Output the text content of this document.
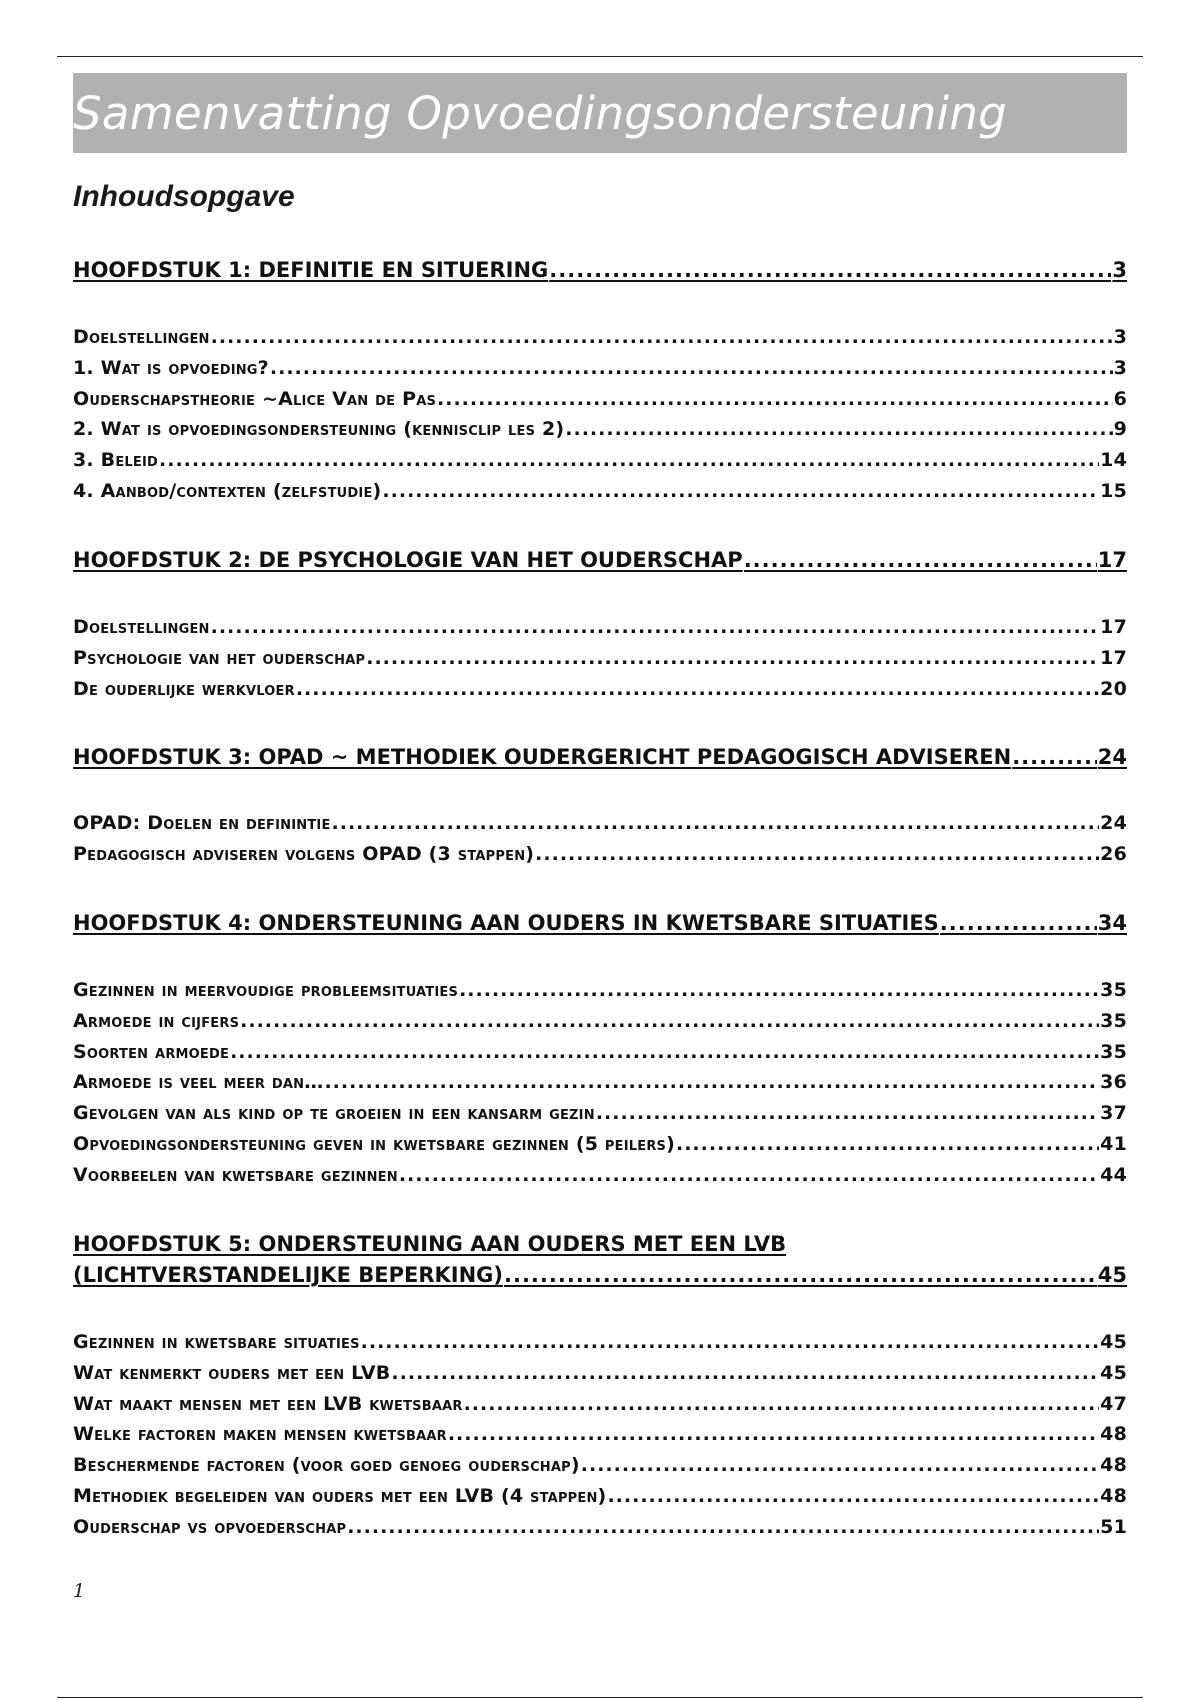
Samenvatting Opvoedingsondersteuning
Inhoudsopgave
HOOFDSTUK 1: DEFINITIE EN SITUERING .....	3
Doelstellingen .....	3
1. Wat is opvoeding? .....	3
Ouderschapstheorie ~Alice Van de Pas .....	6
2. Wat is opvoedingsondersteuning (kennisclip les 2) .....	9
3. Beleid .....	14
4. Aanbod/contexten (zelfstudie) .....	15
HOOFDSTUK 2: DE PSYCHOLOGIE VAN HET OUDERSCHAP .....	17
Doelstellingen .....	17
Psychologie van het ouderschap .....	17
De ouderlijke werkvloer .....	20
HOOFDSTUK 3: OPAD ~ METHODIEK OUDERGERICHT PEDAGOGISCH ADVISEREN .....	24
OPAD: Doelen en definintie .....	24
Pedagogisch adviseren volgens OPAD (3 stappen) .....	26
HOOFDSTUK 4: ONDERSTEUNING AAN OUDERS IN KWETSBARE SITUATIES .....	34
Gezinnen in meervoudige probleemsituaties .....	35
Armoede in cijfers .....	35
Soorten armoede .....	35
Armoede is veel meer dan… .....	36
Gevolgen van als kind op te groeien in een kansarm gezin .....	37
Opvoedingsondersteuning geven in kwetsbare gezinnen (5 peilers) .....	41
Voorbeelen van kwetsbare gezinnen .....	44
HOOFDSTUK 5: ONDERSTEUNING AAN OUDERS MET EEN LVB
(LICHTVERSTANDELIJKE BEPERKING) .....	45
Gezinnen in kwetsbare situaties .....	45
Wat kenmerkt ouders met een LVB .....	45
Wat maakt mensen met een LVB kwetsbaar .....	47
Welke factoren maken mensen kwetsbaar .....	48
Beschermende factoren (voor goed genoeg ouderschap) .....	48
Methodiek begeleiden van ouders met een LVB (4 stappen) .....	48
Ouderschap vs opvoederschap .....	51
1
